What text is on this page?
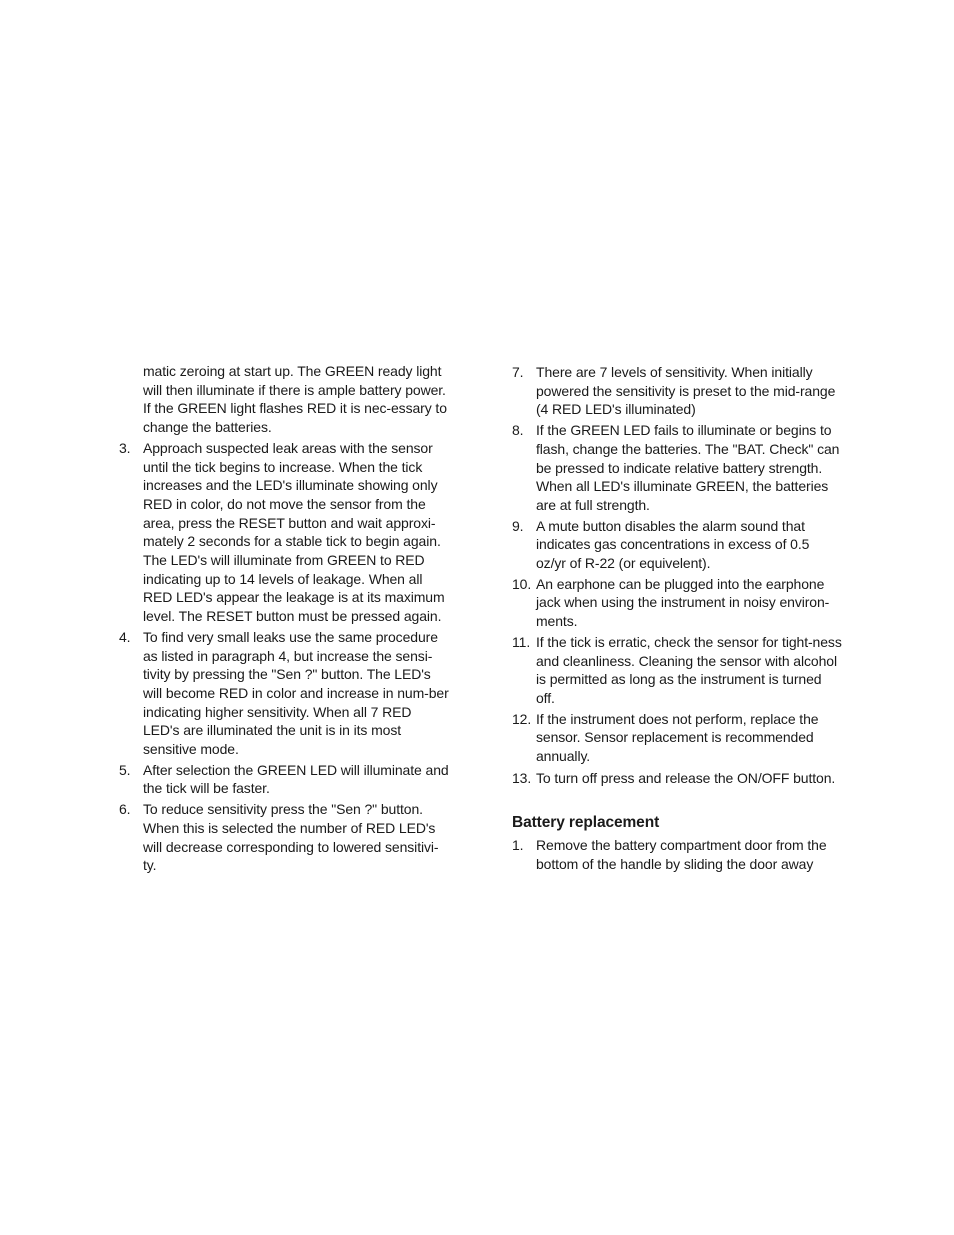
matic zeroing at start up. The GREEN ready light will then illuminate if there is ample battery power. If the GREEN light flashes RED it is nec-essary to change the batteries.

3. Approach suspected leak areas with the sensor until the tick begins to increase. When the tick increases and the LED's illuminate showing only RED in color, do not move the sensor from the area, press the RESET button and wait approxi-mately 2 seconds for a stable tick to begin again. The LED's will illuminate from GREEN to RED indicating up to 14 levels of leakage. When all RED LED's appear the leakage is at its maximum level. The RESET button must be pressed again.
4. To find very small leaks use the same procedure as listed in paragraph 4, but increase the sensi-tivity by pressing the "Sen ?" button. The LED's will become RED in color and increase in num-ber indicating higher sensitivity. When all 7 RED LED's are illuminated the unit is in its most sensitive mode.
5. After selection the GREEN LED will illuminate and the tick will be faster.
6. To reduce sensitivity press the "Sen ?" button. When this is selected the number of RED LED's will decrease corresponding to lowered sensitivi-ty.
7. There are 7 levels of sensitivity. When initially powered the sensitivity is preset to the mid-range (4 RED LED's illuminated)
8. If the GREEN LED fails to illuminate or begins to flash, change the batteries. The "BAT. Check" can be pressed to indicate relative battery strength. When all LED's illuminate GREEN, the batteries are at full strength.
9. A mute button disables the alarm sound that indicates gas concentrations in excess of 0.5 oz/yr of R-22 (or equivelent).
10. An earphone can be plugged into the earphone jack when using the instrument in noisy environ-ments.
11. If the tick is erratic, check the sensor for tight-ness and cleanliness. Cleaning the sensor with alcohol is permitted as long as the instrument is turned off.
12. If the instrument does not perform, replace the sensor. Sensor replacement is recommended annually.
13. To turn off press and release the ON/OFF button.
Battery replacement
1. Remove the battery compartment door from the bottom of the handle by sliding the door away
